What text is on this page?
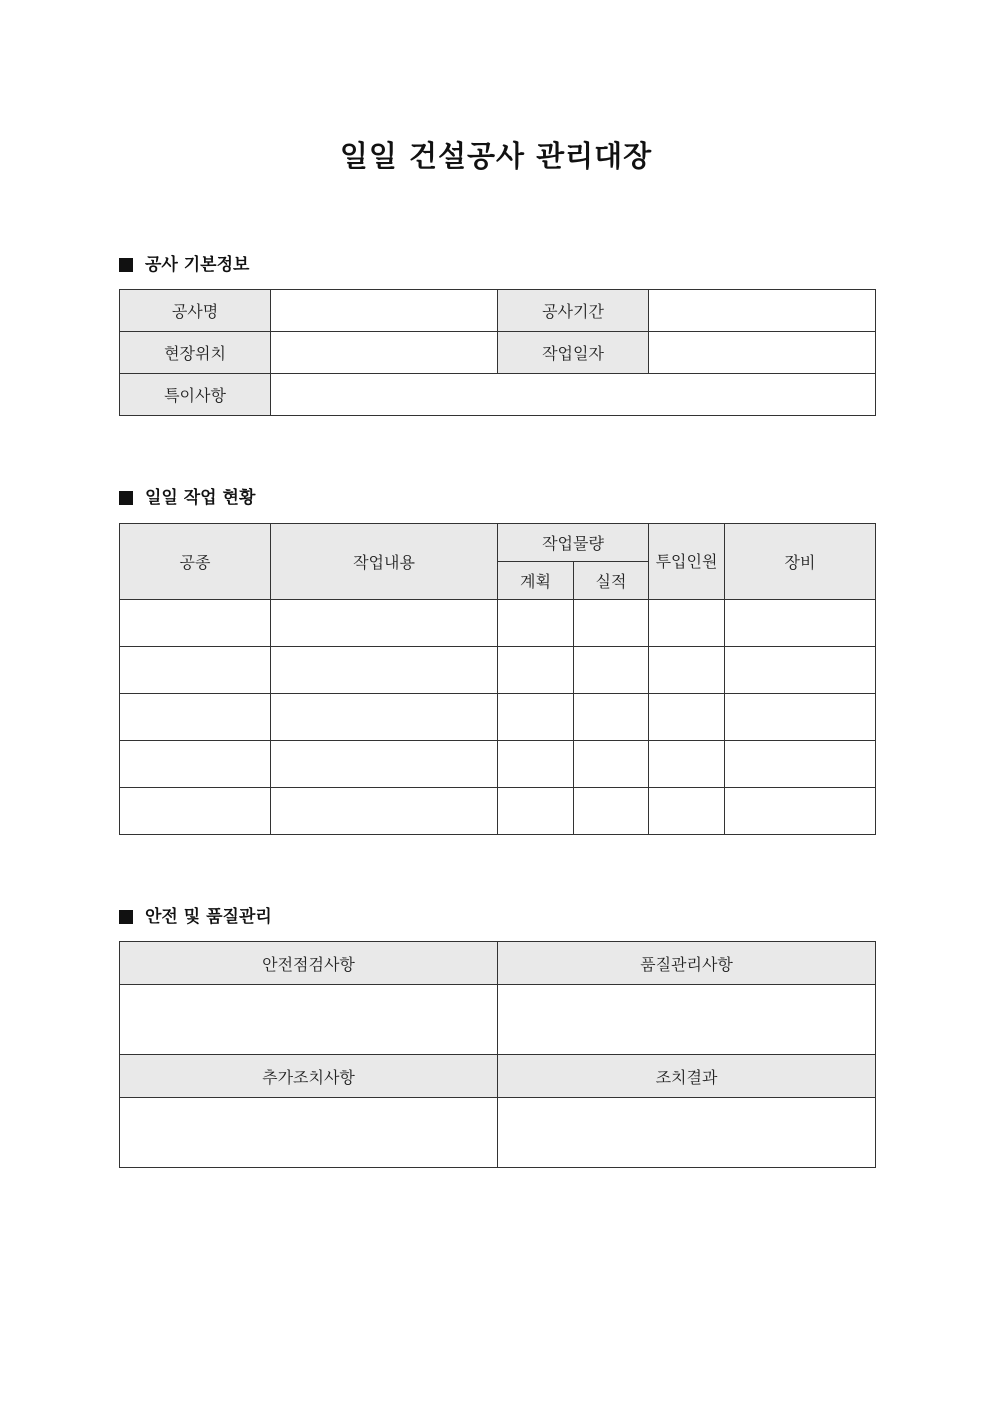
일일 건설공사 관리대장
공사 기본정보
공사명		공사기간	
현장위치		작업일자	
특이사항			
일일 작업 현황
공종	작업내용	작업물량		투입인원	장비
		계획	실적		

안전 및 품질관리
안전점검사항	품질관리사항

추가조치사항	조치결과
